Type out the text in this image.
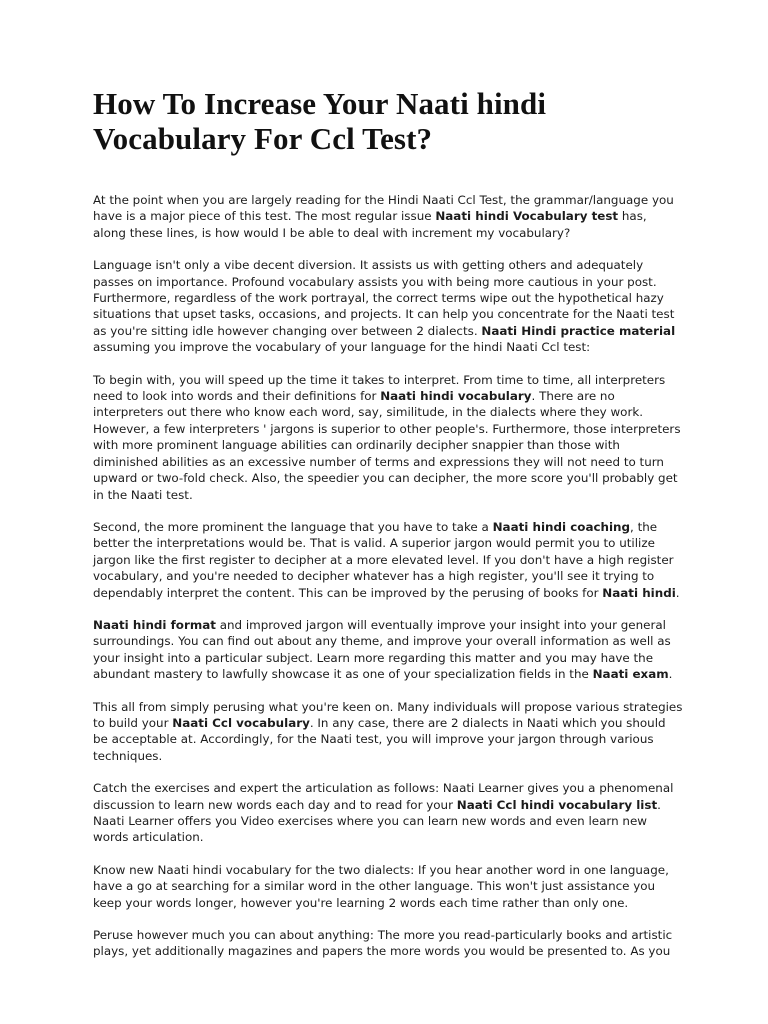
How To Increase Your Naati hindi
Vocabulary For Ccl Test?

At the point when you are largely reading for the Hindi Naati Ccl Test, the grammar/language you have is a major piece of this test. The most regular issue Naati hindi Vocabulary test has, along these lines, is how would I be able to deal with increment my vocabulary?

Language isn't only a vibe decent diversion. It assists us with getting others and adequately passes on importance. Profound vocabulary assists you with being more cautious in your post. Furthermore, regardless of the work portrayal, the correct terms wipe out the hypothetical hazy situations that upset tasks, occasions, and projects. It can help you concentrate for the Naati test as you're sitting idle however changing over between 2 dialects. Naati Hindi practice material assuming you improve the vocabulary of your language for the hindi Naati Ccl test:

To begin with, you will speed up the time it takes to interpret. From time to time, all interpreters need to look into words and their definitions for Naati hindi vocabulary. There are no interpreters out there who know each word, say, similitude, in the dialects where they work. However, a few interpreters ' jargons is superior to other people's. Furthermore, those interpreters with more prominent language abilities can ordinarily decipher snappier than those with diminished abilities as an excessive number of terms and expressions they will not need to turn upward or two-fold check. Also, the speedier you can decipher, the more score you'll probably get in the Naati test.

Second, the more prominent the language that you have to take a Naati hindi coaching, the better the interpretations would be. That is valid. A superior jargon would permit you to utilize jargon like the first register to decipher at a more elevated level. If you don't have a high register vocabulary, and you're needed to decipher whatever has a high register, you'll see it trying to dependably interpret the content. This can be improved by the perusing of books for Naati hindi.

Naati hindi format and improved jargon will eventually improve your insight into your general surroundings. You can find out about any theme, and improve your overall information as well as your insight into a particular subject. Learn more regarding this matter and you may have the abundant mastery to lawfully showcase it as one of your specialization fields in the Naati exam.

This all from simply perusing what you're keen on. Many individuals will propose various strategies to build your Naati Ccl vocabulary. In any case, there are 2 dialects in Naati which you should be acceptable at. Accordingly, for the Naati test, you will improve your jargon through various techniques.

Catch the exercises and expert the articulation as follows: Naati Learner gives you a phenomenal discussion to learn new words each day and to read for your Naati Ccl hindi vocabulary list. Naati Learner offers you Video exercises where you can learn new words and even learn new words articulation.

Know new Naati hindi vocabulary for the two dialects: If you hear another word in one language, have a go at searching for a similar word in the other language. This won't just assistance you keep your words longer, however you're learning 2 words each time rather than only one.

Peruse however much you can about anything: The more you read-particularly books and artistic plays, yet additionally magazines and papers the more words you would be presented to. As you
